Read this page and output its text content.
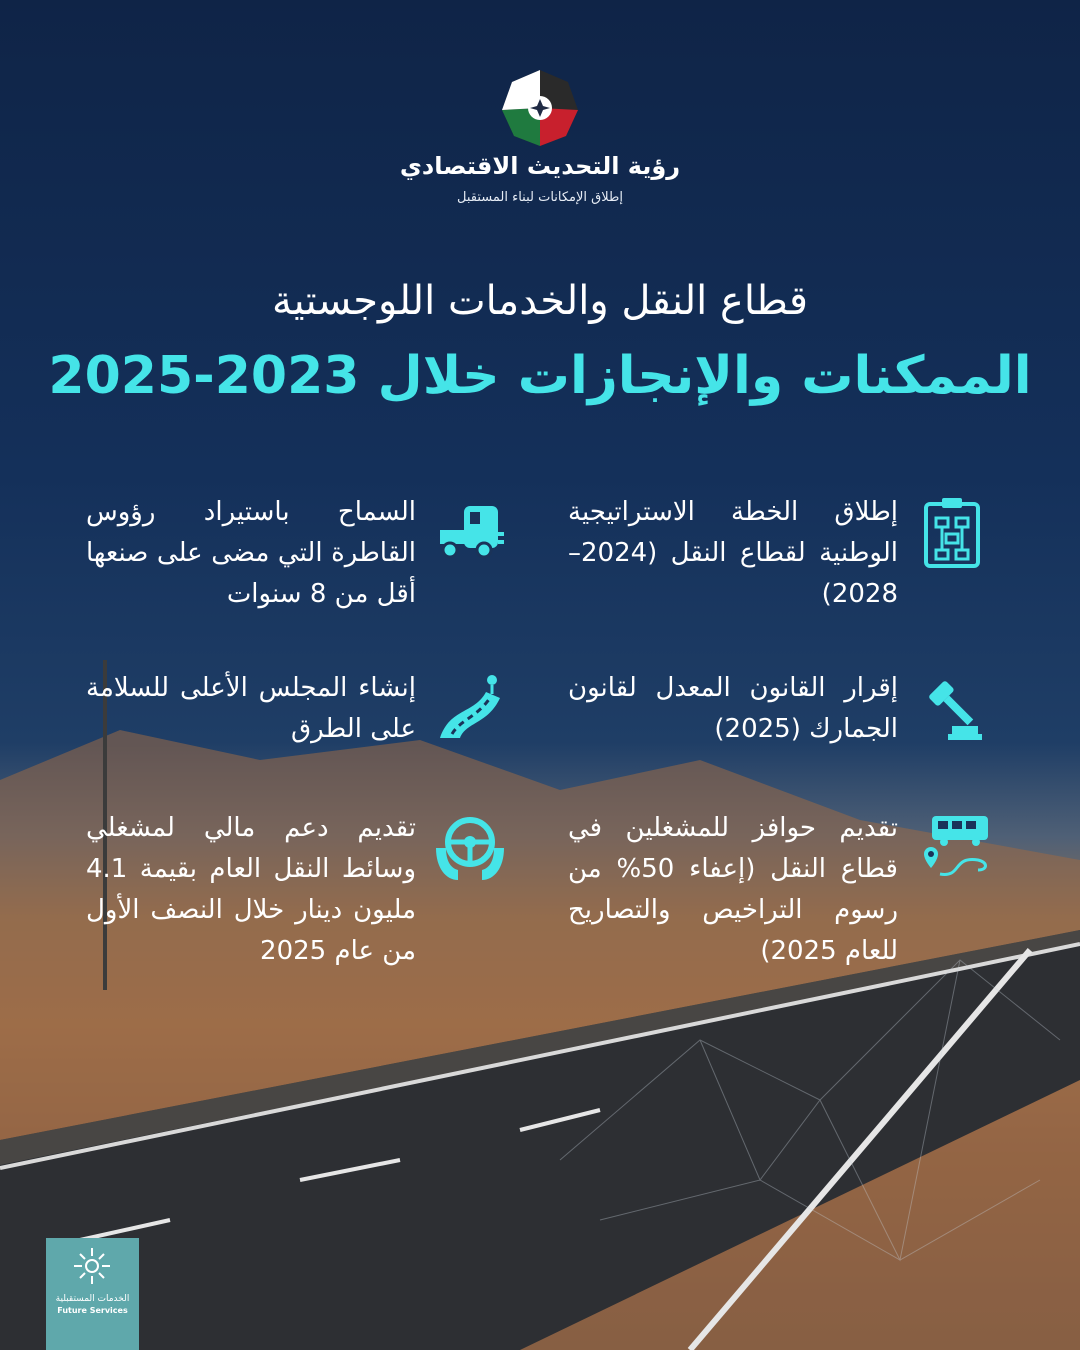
رؤية التحديث الاقتصادي
إطلاق الإمكانات لبناء المستقبل
قطاع النقل والخدمات اللوجستية
الممكنات والإنجازات خلال 2023-2025
إطلاق الخطة الاستراتيجية الوطنية لقطاع النقل (2024–2028)
السماح باستيراد رؤوس القاطرة التي مضى على صنعها أقل من 8 سنوات
إقرار القانون المعدل لقانون الجمارك (2025)
إنشاء المجلس الأعلى للسلامة على الطرق
تقديم حوافز للمشغلين في قطاع النقل (إعفاء 50% من رسوم التراخيص والتصاريح للعام 2025)
تقديم دعم مالي لمشغلي وسائط النقل العام بقيمة 4.1 مليون دينار خلال النصف الأول من عام 2025
الخدمات المستقبلية
Future Services
